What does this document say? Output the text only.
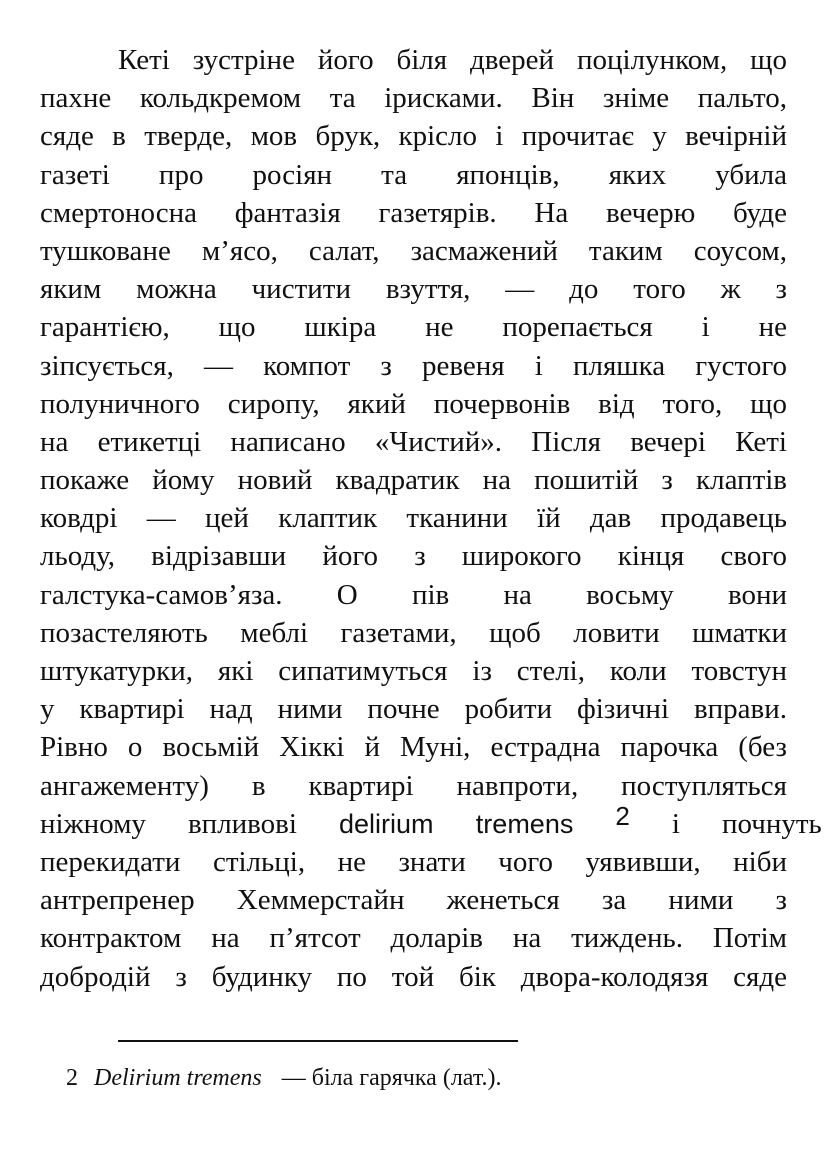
Кеті зустріне його біля дверей поцілунком, що
пахне кольдкремом та ірисками. Він зніме пальто,
сяде в тверде, мов брук, крісло і прочитає у вечірній
газеті про росіян та японців, яких убила
смертоносна фантазія газетярів. На вечерю буде
тушковане м’ясо, салат, засмажений таким соусом,
яким можна чистити взуття, — до того ж з
гарантією, що шкіра не порепається і не
зіпсується, — компот з ревеня і пляшка густого
полуничного сиропу, який почервонів від того, що
на етикетці написано «Чистий». Після вечері Кеті
покаже йому новий квадратик на пошитій з клаптів
ковдрі — цей клаптик тканини їй дав продавець
льоду, відрізавши його з широкого кінця свого
галстука-самов’яза. О пів на восьму вони
позастеляють меблі газетами, щоб ловити шматки
штукатурки, які сипатимуться із стелі, коли товстун
у квартирі над ними почне робити фізичні вправи.
Рівно о восьмій Хіккі й Муні, естрадна парочка (без
ангажементу) в квартирі навпроти, поступляться
ніжному впливові delirium tremens $^2$ і почнуть
перекидати стільці, не знати чого уявивши, ніби
антрепренер Хеммерстайн женеться за ними з
контрактом на п’ятсот доларів на тиждень. Потім
добродій з будинку по той бік двора-колодязя сяде
2 Delirium tremens — біла гарячка (лат.).
